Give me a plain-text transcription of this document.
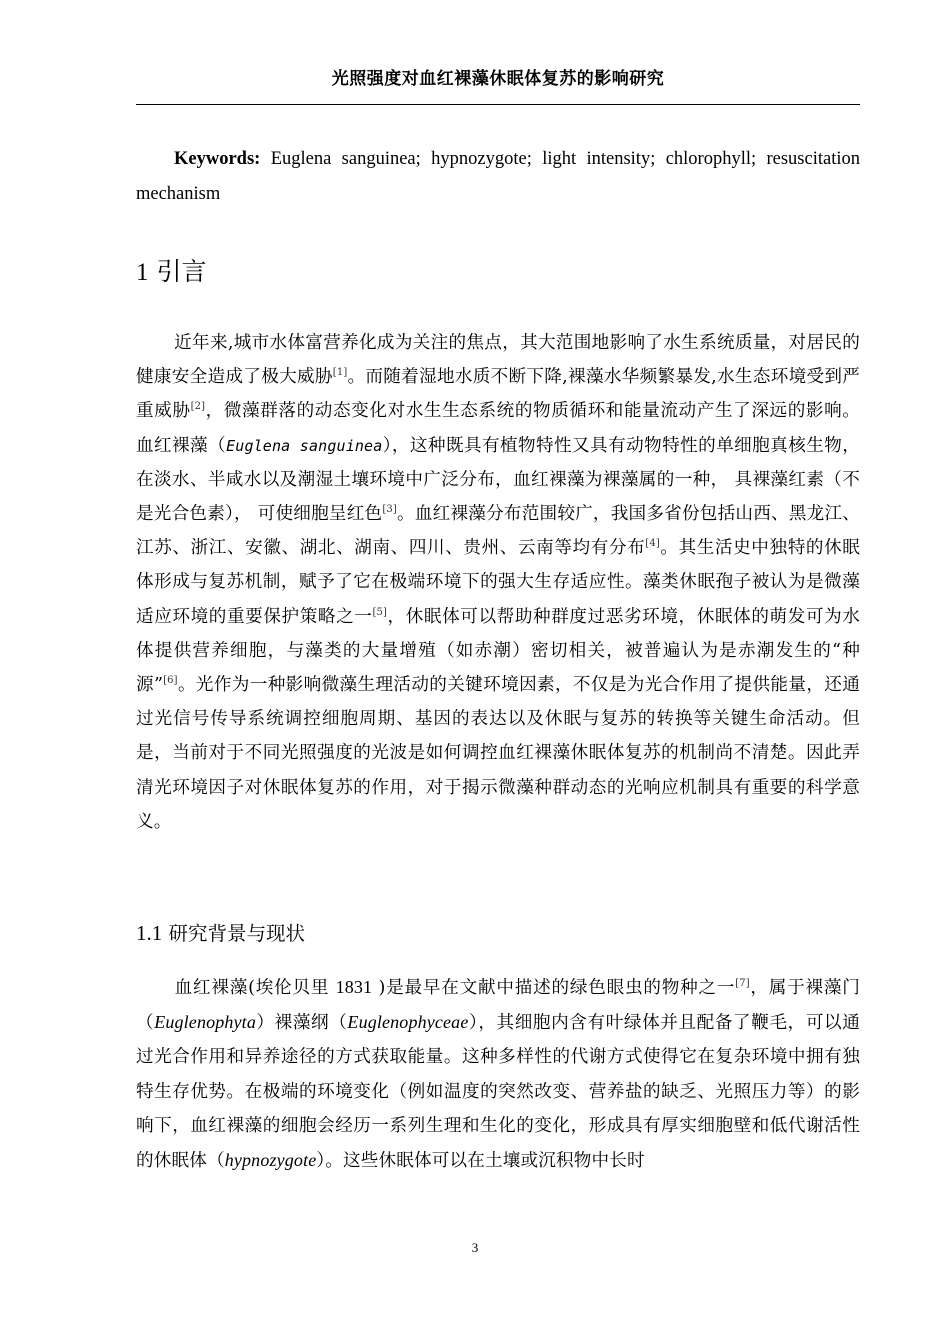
光照强度对血红裸藻休眠体复苏的影响研究

Keywords: Euglena sanguinea; hypnozygote; light intensity; chlorophyll; resuscitation mechanism

1 引言

近年来,城市水体富营养化成为关注的焦点，其大范围地影响了水生系统质量，对居民的健康安全造成了极大威胁[1]。而随着湿地水质不断下降,裸藻水华频繁暴发,水生态环境受到严重威胁[2]，微藻群落的动态变化对水生生态系统的物质循环和能量流动产生了深远的影响。血红裸藻（Euglena sanguinea），这种既具有植物特性又具有动物特性的单细胞真核生物，在淡水、半咸水以及潮湿土壤环境中广泛分布，血红裸藻为裸藻属的一种， 具裸藻红素（不是光合色素）， 可使细胞呈红色[3]。血红裸藻分布范围较广，我国多省份包括山西、黑龙江、江苏、浙江、安徽、湖北、湖南、四川、贵州、云南等均有分布[4]。其生活史中独特的休眠体形成与复苏机制，赋予了它在极端环境下的强大生存适应性。藻类休眠孢子被认为是微藻适应环境的重要保护策略之一[5]，休眠体可以帮助种群度过恶劣环境，休眠体的萌发可为水体提供营养细胞，与藻类的大量增殖（如赤潮）密切相关，被普遍认为是赤潮发生的“种源”[6]。光作为一种影响微藻生理活动的关键环境因素，不仅是为光合作用了提供能量，还通过光信号传导系统调控细胞周期、基因的表达以及休眠与复苏的转换等关键生命活动。但是，当前对于不同光照强度的光波是如何调控血红裸藻休眠体复苏的机制尚不清楚。因此弄清光环境因子对休眠体复苏的作用，对于揭示微藻种群动态的光响应机制具有重要的科学意义。

1.1 研究背景与现状

血红裸藻(埃伦贝里 1831 )是最早在文献中描述的绿色眼虫的物种之一[7]，属于裸藻门（Euglenophyta）裸藻纲（Euglenophyceae），其细胞内含有叶绿体并且配备了鞭毛，可以通过光合作用和异养途径的方式获取能量。这种多样性的代谢方式使得它在复杂环境中拥有独特生存优势。在极端的环境变化（例如温度的突然改变、营养盐的缺乏、光照压力等）的影响下，血红裸藻的细胞会经历一系列生理和生化的变化，形成具有厚实细胞壁和低代谢活性的休眠体（hypnozygote）。这些休眠体可以在土壤或沉积物中长时

3
